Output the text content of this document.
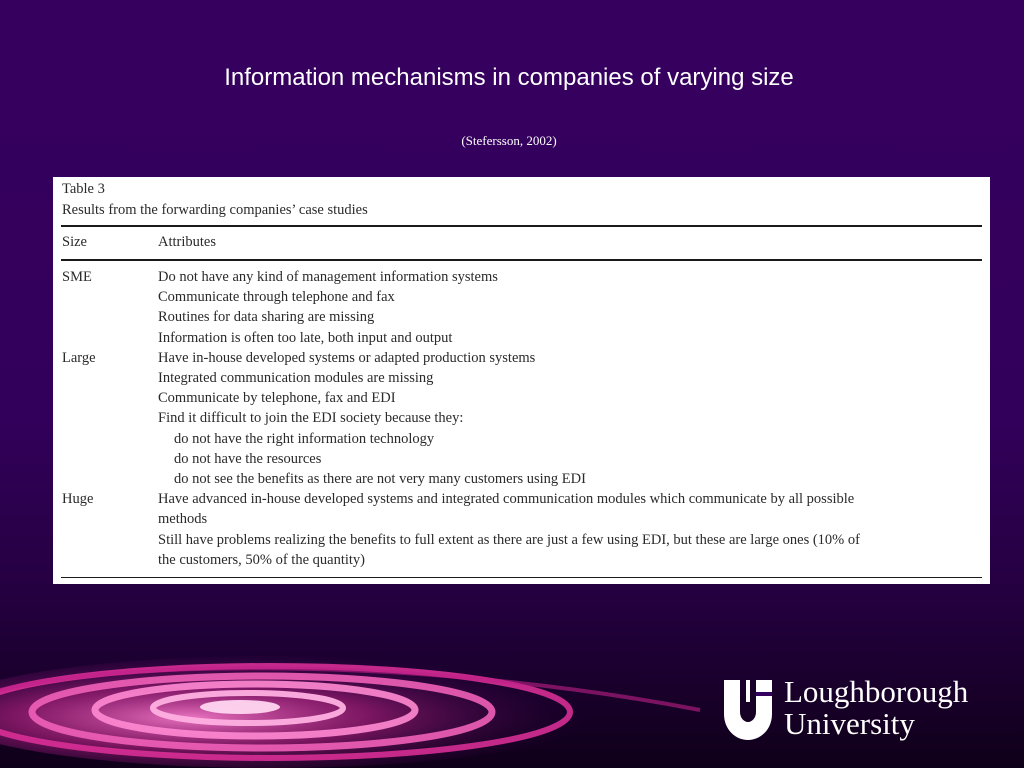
Information mechanisms in companies of varying size
(Stefersson, 2002)
Table 3
Results from the forwarding companies’ case studies
Size	Attributes
SME	Do not have any kind of management information systems
Communicate through telephone and fax
Routines for data sharing are missing
Information is often too late, both input and output
Large	Have in-house developed systems or adapted production systems
Integrated communication modules are missing
Communicate by telephone, fax and EDI
Find it difficult to join the EDI society because they:
do not have the right information technology
do not have the resources
do not see the benefits as there are not very many customers using EDI
Huge	Have advanced in-house developed systems and integrated communication modules which communicate by all possible
methods
Still have problems realizing the benefits to full extent as there are just a few using EDI, but these are large ones (10% of
the customers, 50% of the quantity)
Loughborough
University
